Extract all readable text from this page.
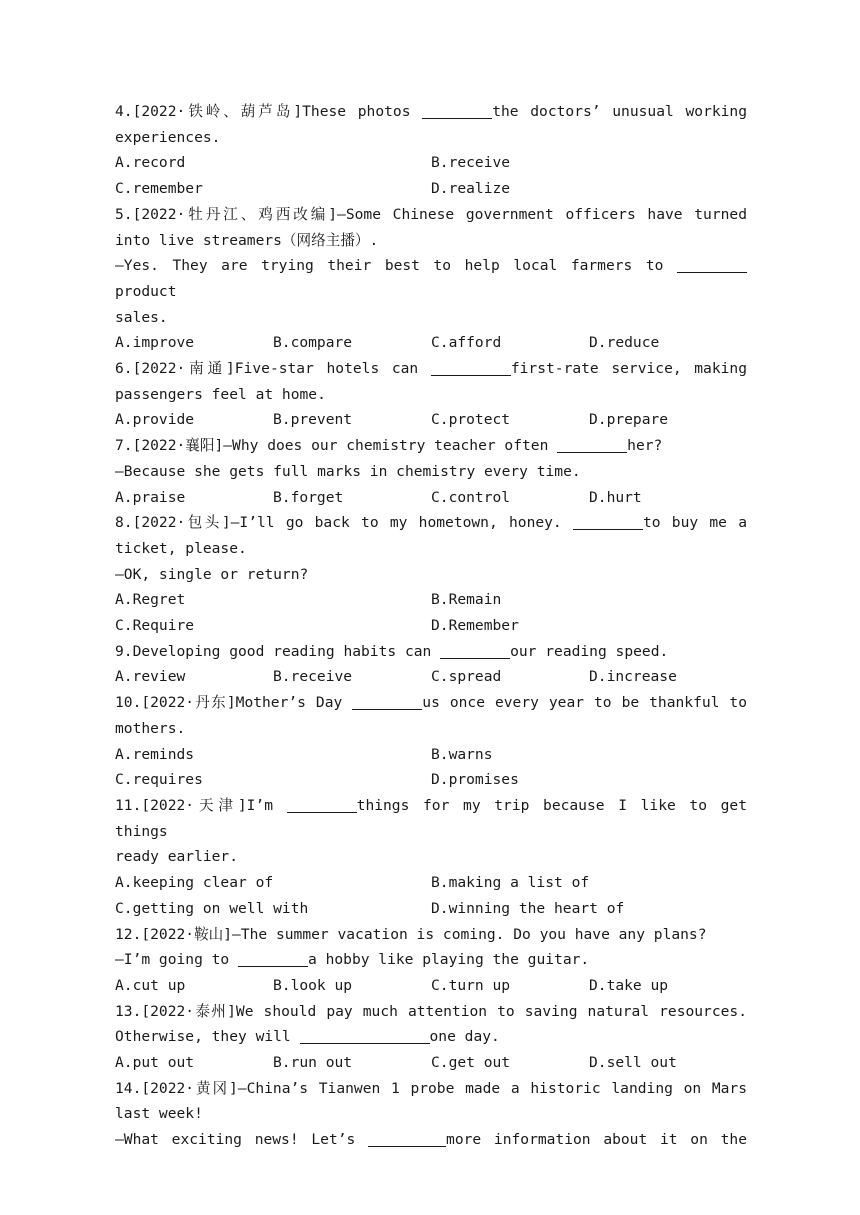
4.[2022·铁岭、葫芦岛]These photos	the doctors’ unusual working
experiences.
A.record	B.receive
C.remember	D.realize
5.[2022·牡丹江、鸡西改编]—Some Chinese government officers have turned
into live streamers（网络主播）.
—Yes. They are trying their best to help local farmers to product
sales.
A.improve	B.compare	C.afford	D.reduce
6.[2022·南通]Five-star hotels can	first-rate service, making
passengers feel at home.
A.provide	B.prevent	C.protect	D.prepare
7.[2022·襄阳]—Why does our chemistry teacher often	her?
—Because she gets full marks in chemistry every time.
A.praise	B.forget	C.control	D.hurt
8.[2022·包头]—I’ll go back to my hometown, honey.	to buy me a
ticket, please.
—OK, single or return?
A.Regret	B.Remain
C.Require	D.Remember
9.Developing good reading habits can	our reading speed.
A.review	B.receive	C.spread	D.increase
10.[2022·丹东]Mother’s Day	us once every year to be thankful to
mothers.
A.reminds	B.warns
C.requires	D.promises
11.[2022·天津]I’m	things for my trip because I like to get things
ready earlier.
A.keeping clear of	B.making a list of
C.getting on well with	D.winning the heart of
12.[2022·鞍山]—The summer vacation is coming. Do you have any plans?
—I’m going to	a hobby like playing the guitar.
A.cut up	B.look up	C.turn up	D.take up
13.[2022·泰州]We should pay much attention to saving natural resources.
Otherwise, they will	one day.
A.put out	B.run out	C.get out	D.sell out
14.[2022·黄冈]—China’s Tianwen 1 probe made a historic landing on Mars
last week!
—What exciting news! Let’s	more information about it on the
